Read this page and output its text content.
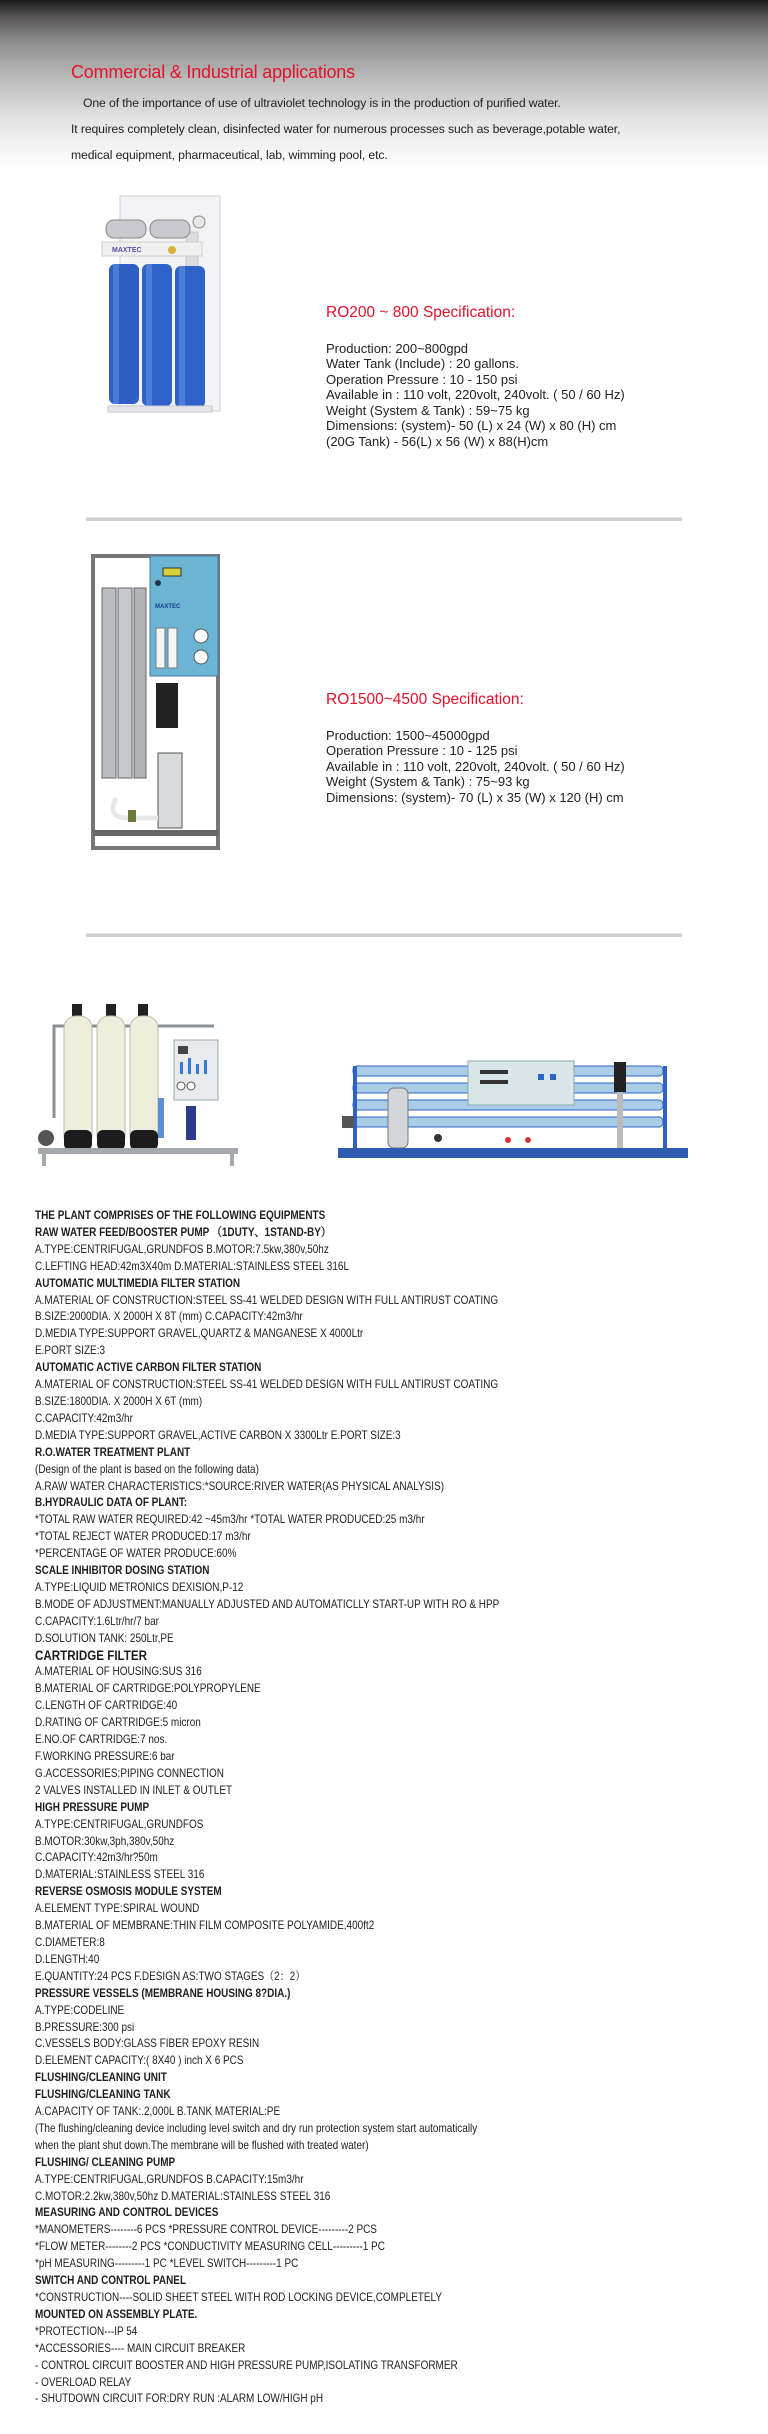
Commercial & Industrial applications

One of the importance of use of ultraviolet technology is in the production of purified water.

It requires completely clean, disinfected water for numerous processes such as beverage,potable water,

medical equipment, pharmaceutical, lab, wimming pool, etc.

MAXTEC
RO200 ~ 800 Specification:
Production: 200~800gpd
Water Tank (Include) : 20 gallons.
Operation Pressure : 10 - 150 psi
Available in : 110 volt, 220volt, 240volt. ( 50 / 60 Hz)
Weight (System & Tank) : 59~75 kg
Dimensions: (system)- 50 (L) x 24 (W) x 80 (H) cm
(20G Tank) - 56(L) x 56 (W) x 88(H)cm
MAXTEC
RO1500~4500 Specification:
Production: 1500~45000gpd
Operation Pressure : 10 - 125 psi
Available in : 110 volt, 220volt, 240volt. ( 50 / 60 Hz)
Weight (System & Tank) : 75~93 kg
Dimensions: (system)- 70 (L) x 35 (W) x 120 (H) cm
THE PLANT COMPRISES OF THE FOLLOWING EQUIPMENTS
RAW WATER FEED/BOOSTER PUMP （1DUTY、1STAND-BY）
A.TYPE:CENTRIFUGAL,GRUNDFOS B.MOTOR:7.5kw,380v,50hz
C.LEFTING HEAD:42m3X40m D.MATERIAL:STAINLESS STEEL 316L
AUTOMATIC MULTIMEDIA FILTER STATION
A.MATERIAL OF CONSTRUCTION:STEEL SS-41 WELDED DESIGN WITH FULL ANTIRUST COATING
B.SIZE:2000DIA. X 2000H X 8T (mm) C.CAPACITY:42m3/hr
D.MEDIA TYPE:SUPPORT GRAVEL,QUARTZ & MANGANESE X 4000Ltr
E.PORT SIZE:3
AUTOMATIC ACTIVE CARBON FILTER STATION
A.MATERIAL OF CONSTRUCTION:STEEL SS-41 WELDED DESIGN WITH FULL ANTIRUST COATING
B.SIZE:1800DIA. X 2000H X 6T (mm)
C.CAPACITY:42m3/hr
D.MEDIA TYPE:SUPPORT GRAVEL,ACTIVE CARBON X 3300Ltr E.PORT SIZE:3
R.O.WATER TREATMENT PLANT
(Design of the plant is based on the following data)
A.RAW WATER CHARACTERISTICS:*SOURCE:RIVER WATER(AS PHYSICAL ANALYSIS)
B.HYDRAULIC DATA OF PLANT:
*TOTAL RAW WATER REQUIRED:42 ~45m3/hr *TOTAL WATER PRODUCED:25 m3/hr
*TOTAL REJECT WATER PRODUCED:17 m3/hr
*PERCENTAGE OF WATER PRODUCE:60%
SCALE INHIBITOR DOSING STATION
A.TYPE:LIQUID METRONICS DEXISION,P-12
B.MODE OF ADJUSTMENT:MANUALLY ADJUSTED AND AUTOMATICLLY START-UP WITH RO & HPP
C.CAPACITY:1.6Ltr/hr/7 bar
D.SOLUTION TANK: 250Ltr,PE
CARTRIDGE FILTER
A.MATERIAL OF HOUSING:SUS 316
B.MATERIAL OF CARTRIDGE:POLYPROPYLENE
C.LENGTH OF CARTRIDGE:40
D.RATING OF CARTRIDGE:5 micron
E.NO.OF CARTRIDGE:7 nos.
F.WORKING PRESSURE:6 bar
G.ACCESSORIES:PIPING CONNECTION
2 VALVES INSTALLED IN INLET & OUTLET
HIGH PRESSURE PUMP
A.TYPE:CENTRIFUGAL,GRUNDFOS
B.MOTOR:30kw,3ph,380v,50hz
C.CAPACITY:42m3/hr?50m
D.MATERIAL:STAINLESS STEEL 316
REVERSE OSMOSIS MODULE SYSTEM
A.ELEMENT TYPE:SPIRAL WOUND
B.MATERIAL OF MEMBRANE:THIN FILM COMPOSITE POLYAMIDE,400ft2
C.DIAMETER:8
D.LENGTH:40
E.QUANTITY:24 PCS F.DESIGN AS:TWO STAGES（2：2）
PRESSURE VESSELS (MEMBRANE HOUSING 8?DIA.)
A.TYPE:CODELINE
B.PRESSURE:300 psi
C.VESSELS BODY:GLASS FIBER EPOXY RESIN
D.ELEMENT CAPACITY:( 8X40 ) inch X 6 PCS
FLUSHING/CLEANING UNIT
FLUSHING/CLEANING TANK
A.CAPACITY OF TANK:.2,000L B.TANK MATERIAL:PE
(The flushing/cleaning device including level switch and dry run protection system start automatically
when the plant shut down.The membrane will be flushed with treated water)
FLUSHING/ CLEANING PUMP
A.TYPE:CENTRIFUGAL,GRUNDFOS B.CAPACITY:15m3/hr
C.MOTOR:2.2kw,380v,50hz D.MATERIAL:STAINLESS STEEL 316
MEASURING AND CONTROL DEVICES
*MANOMETERS--------6 PCS *PRESSURE CONTROL DEVICE---------2 PCS
*FLOW METER--------2 PCS *CONDUCTIVITY MEASURING CELL---------1 PC
*pH MEASURING---------1 PC *LEVEL SWITCH---------1 PC
SWITCH AND CONTROL PANEL
*CONSTRUCTION----SOLID SHEET STEEL WITH ROD LOCKING DEVICE,COMPLETELY
MOUNTED ON ASSEMBLY PLATE.
*PROTECTION---IP 54
*ACCESSORIES---- MAIN CIRCUIT BREAKER
- CONTROL CIRCUIT BOOSTER AND HIGH PRESSURE PUMP,ISOLATING TRANSFORMER
- OVERLOAD RELAY
- SHUTDOWN CIRCUIT FOR:DRY RUN :ALARM LOW/HIGH pH
